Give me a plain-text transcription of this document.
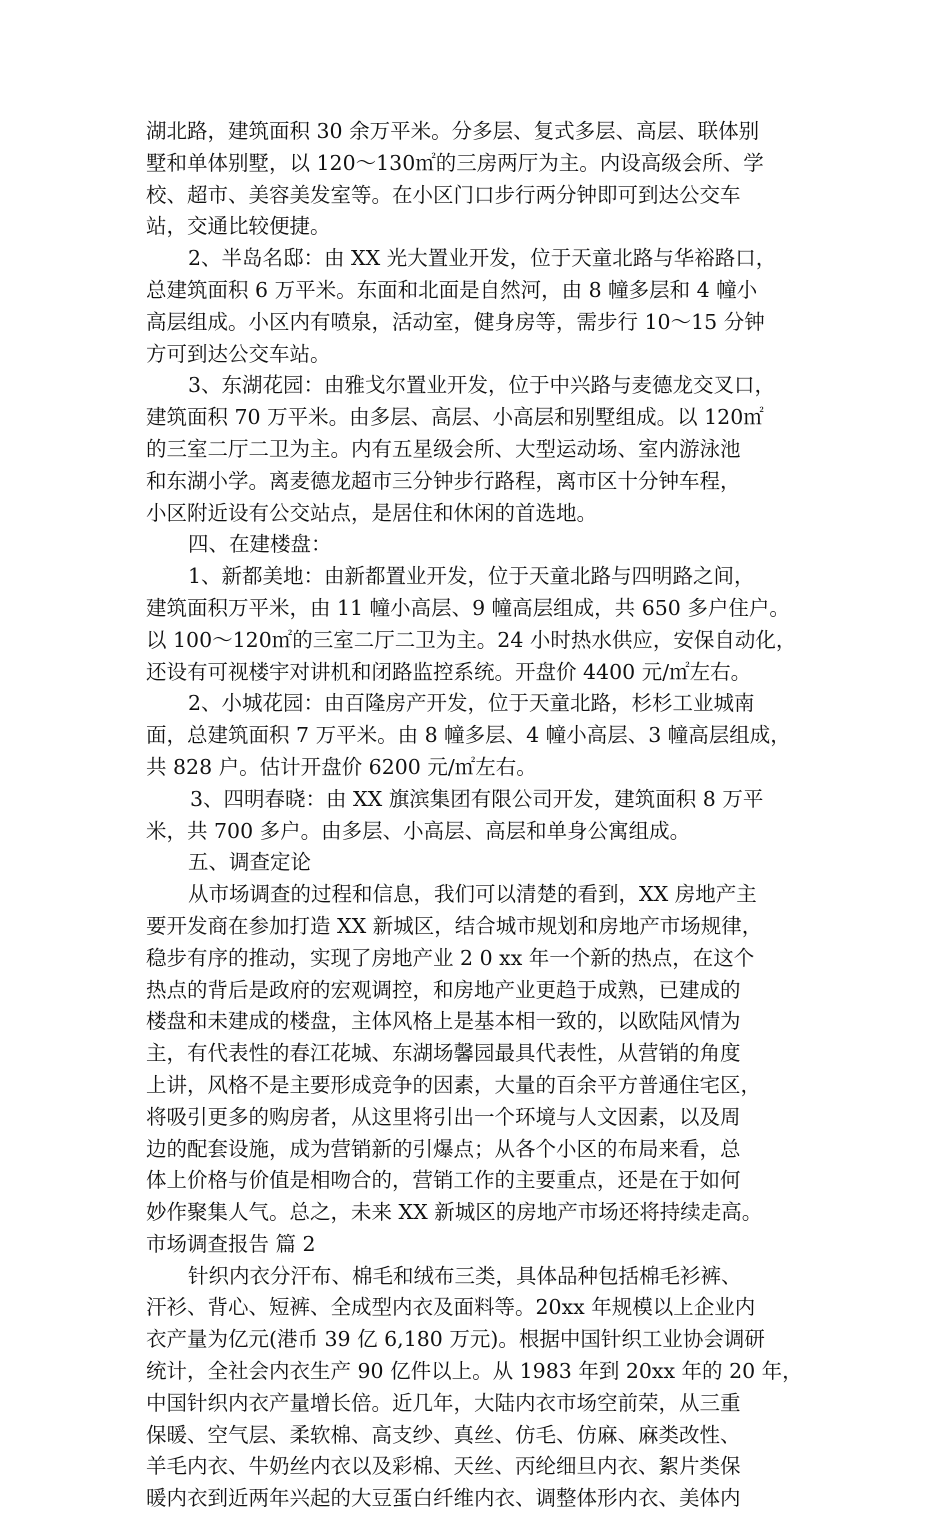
湖北路，建筑面积 30 余万平米。分多层、复式多层、高层、联体别
墅和单体别墅，以 120～130㎡的三房两厅为主。内设高级会所、学
校、超市、美容美发室等。在小区门口步行两分钟即可到达公交车
站，交通比较便捷。
2、半岛名邸：由 XX 光大置业开发，位于天童北路与华裕路口，
总建筑面积 6 万平米。东面和北面是自然河，由 8 幢多层和 4 幢小
高层组成。小区内有喷泉，活动室，健身房等，需步行 10～15 分钟
方可到达公交车站。
3、东湖花园：由雅戈尔置业开发，位于中兴路与麦德龙交叉口，
建筑面积 70 万平米。由多层、高层、小高层和别墅组成。以 120㎡
的三室二厅二卫为主。内有五星级会所、大型运动场、室内游泳池
和东湖小学。离麦德龙超市三分钟步行路程，离市区十分钟车程，
小区附近设有公交站点，是居住和休闲的首选地。
四、在建楼盘：
1、新都美地：由新都置业开发，位于天童北路与四明路之间，
建筑面积万平米，由 11 幢小高层、9 幢高层组成，共 650 多户住户。
以 100～120㎡的三室二厅二卫为主。24 小时热水供应，安保自动化，
还设有可视楼宇对讲机和闭路监控系统。开盘价 4400 元/㎡左右。
2、小城花园：由百隆房产开发，位于天童北路，杉杉工业城南
面，总建筑面积 7 万平米。由 8 幢多层、4 幢小高层、3 幢高层组成，
共 828 户。估计开盘价 6200 元/㎡左右。
3、四明春晓：由 XX 旗滨集团有限公司开发，建筑面积 8 万平
米，共 700 多户。由多层、小高层、高层和单身公寓组成。
五、调查定论
从市场调查的过程和信息，我们可以清楚的看到，XX 房地产主
要开发商在参加打造 XX 新城区，结合城市规划和房地产市场规律，
稳步有序的推动，实现了房地产业 2 0 xx 年一个新的热点，在这个
热点的背后是政府的宏观调控，和房地产业更趋于成熟，已建成的
楼盘和未建成的楼盘，主体风格上是基本相一致的，以欧陆风情为
主，有代表性的春江花城、东湖场馨园最具代表性，从营销的角度
上讲，风格不是主要形成竞争的因素，大量的百余平方普通住宅区，
将吸引更多的购房者，从这里将引出一个环境与人文因素，以及周
边的配套设施，成为营销新的引爆点；从各个小区的布局来看，总
体上价格与价值是相吻合的，营销工作的主要重点，还是在于如何
妙作聚集人气。总之，未来 XX 新城区的房地产市场还将持续走高。
市场调查报告 篇 2
针织内衣分汗布、棉毛和绒布三类，具体品种包括棉毛衫裤、
汗衫、背心、短裤、全成型内衣及面料等。20xx 年规模以上企业内
衣产量为亿元(港币 39 亿 6,180 万元)。根据中国针织工业协会调研
统计，全社会内衣生产 90 亿件以上。从 1983 年到 20xx 年的 20 年，
中国针织内衣产量增长倍。近几年，大陆内衣市场空前荣，从三重
保暖、空气层、柔软棉、高支纱、真丝、仿毛、仿麻、麻类改性、
羊毛内衣、牛奶丝内衣以及彩棉、天丝、丙纶细旦内衣、絮片类保
暖内衣到近两年兴起的大豆蛋白纤维内衣、调整体形内衣、美体内
